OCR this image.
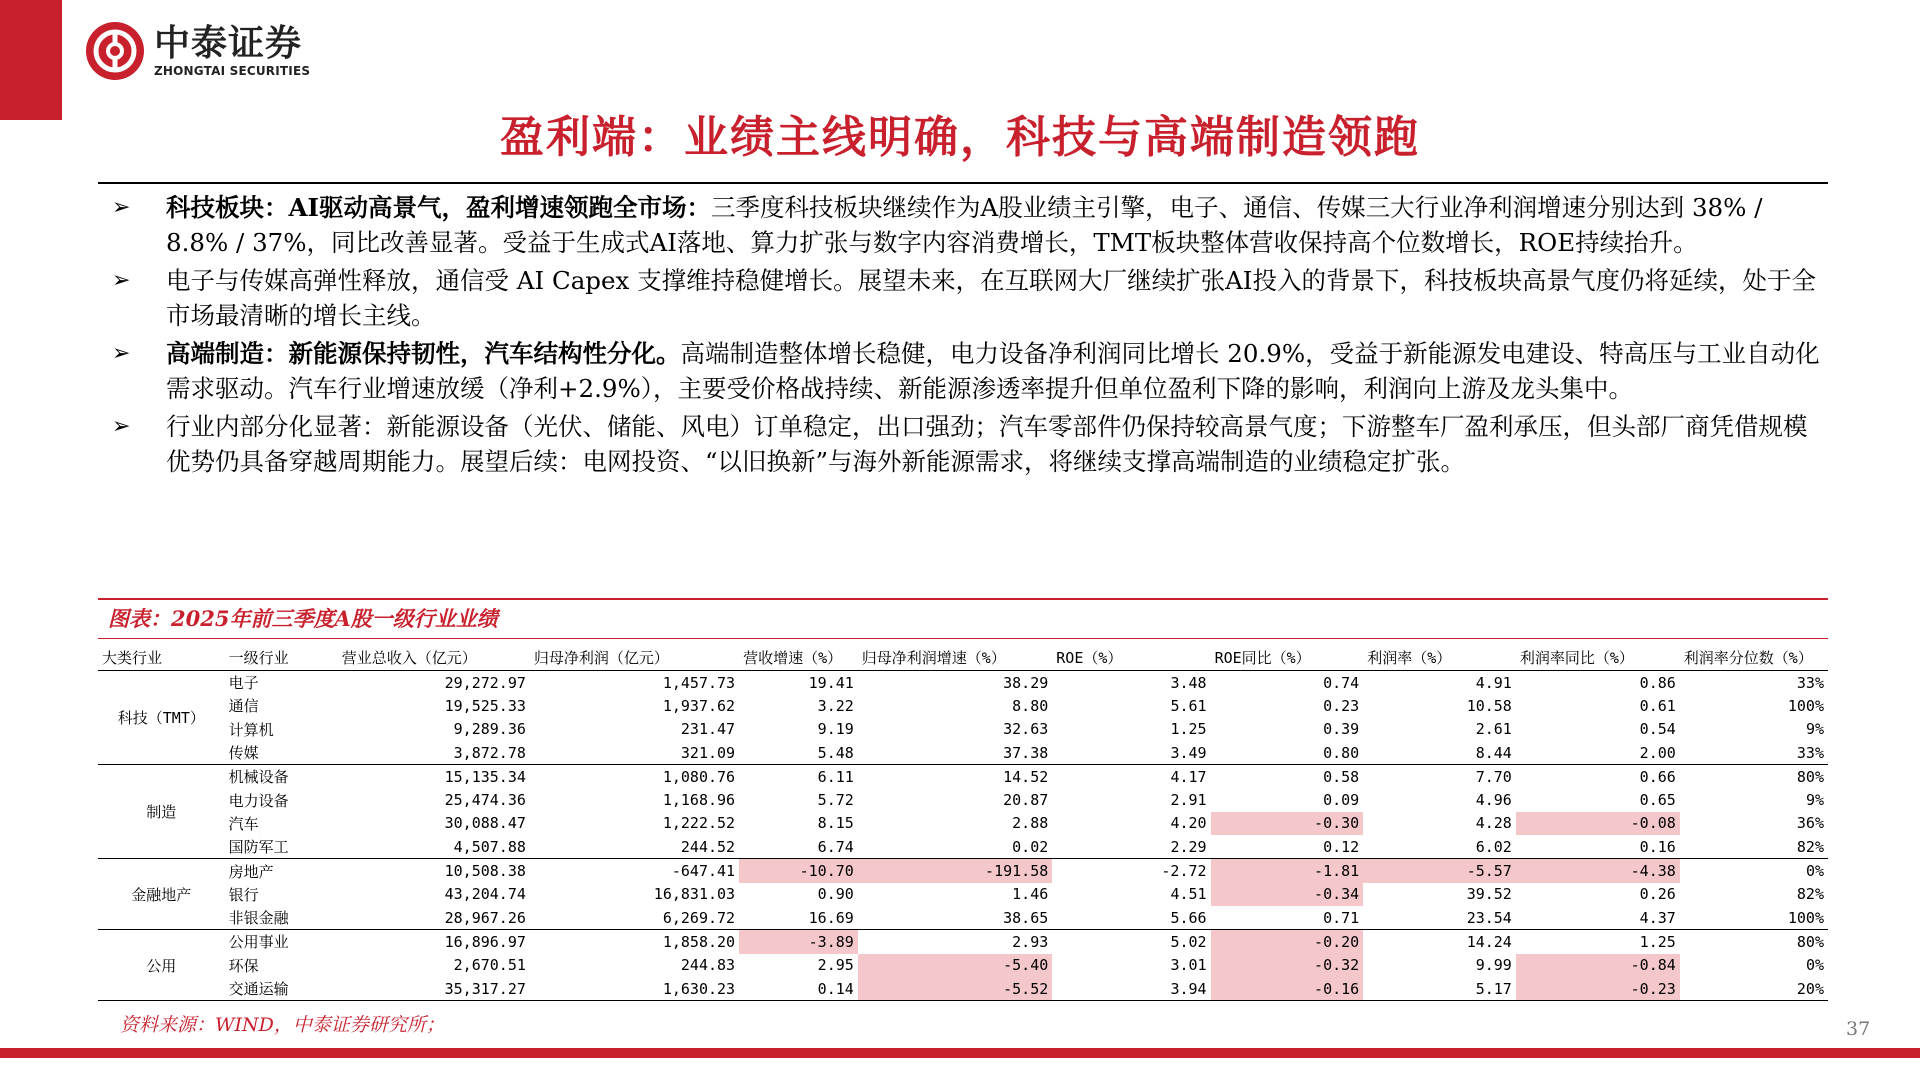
中泰证券
ZHONGTAI SECURITIES
盈利端：业绩主线明确，科技与高端制造领跑
➢ 科技板块：AI驱动高景气，盈利增速领跑全市场：三季度科技板块继续作为A股业绩主引擎，电子、通信、传媒三大行业净利润增速分别达到 38% / 8.8% / 37%，同比改善显著。受益于生成式AI落地、算力扩张与数字内容消费增长，TMT板块整体营收保持高个位数增长，ROE持续抬升。
➢ 电子与传媒高弹性释放，通信受 AI Capex 支撑维持稳健增长。展望未来，在互联网大厂继续扩张AI投入的背景下，科技板块高景气度仍将延续，处于全市场最清晰的增长主线。
➢ 高端制造：新能源保持韧性，汽车结构性分化。高端制造整体增长稳健，电力设备净利润同比增长 20.9%，受益于新能源发电建设、特高压与工业自动化需求驱动。汽车行业增速放缓（净利+2.9%），主要受价格战持续、新能源渗透率提升但单位盈利下降的影响，利润向上游及龙头集中。
➢ 行业内部分化显著：新能源设备（光伏、储能、风电）订单稳定，出口强劲；汽车零部件仍保持较高景气度；下游整车厂盈利承压，但头部厂商凭借规模优势仍具备穿越周期能力。展望后续：电网投资、“以旧换新”与海外新能源需求，将继续支撑高端制造的业绩稳定扩张。
图表：2025年前三季度A股一级行业业绩
大类行业	一级行业	营业总收入（亿元）	归母净利润（亿元）	营收增速（%）	归母净利润增速（%）	ROE（%）	ROE同比（%）	利润率（%）	利润率同比（%）	利润率分位数（%）
科技（TMT）	电子	29,272.97	1,457.73	19.41	38.29	3.48	0.74	4.91	0.86	33%
	通信	19,525.33	1,937.62	3.22	8.80	5.61	0.23	10.58	0.61	100%
	计算机	9,289.36	231.47	9.19	32.63	1.25	0.39	2.61	0.54	9%
	传媒	3,872.78	321.09	5.48	37.38	3.49	0.80	8.44	2.00	33%
制造	机械设备	15,135.34	1,080.76	6.11	14.52	4.17	0.58	7.70	0.66	80%
	电力设备	25,474.36	1,168.96	5.72	20.87	2.91	0.09	4.96	0.65	9%
	汽车	30,088.47	1,222.52	8.15	2.88	4.20	-0.30	4.28	-0.08	36%
	国防军工	4,507.88	244.52	6.74	0.02	2.29	0.12	6.02	0.16	82%
金融地产	房地产	10,508.38	-647.41	-10.70	-191.58	-2.72	-1.81	-5.57	-4.38	0%
	银行	43,204.74	16,831.03	0.90	1.46	4.51	-0.34	39.52	0.26	82%
	非银金融	28,967.26	6,269.72	16.69	38.65	5.66	0.71	23.54	4.37	100%
公用	公用事业	16,896.97	1,858.20	-3.89	2.93	5.02	-0.20	14.24	1.25	80%
	环保	2,670.51	244.83	2.95	-5.40	3.01	-0.32	9.99	-0.84	0%
	交通运输	35,317.27	1,630.23	0.14	-5.52	3.94	-0.16	5.17	-0.23	20%
资料来源：WIND，中泰证券研究所；	37
